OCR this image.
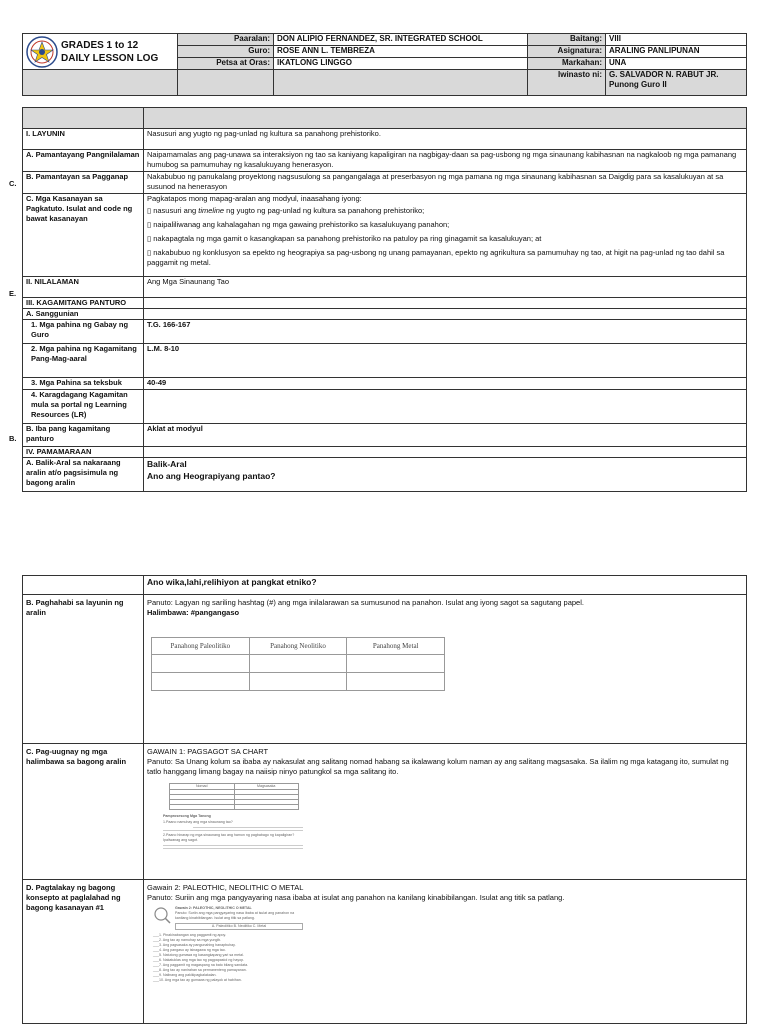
GRADES 1 to 12
DAILY LESSON LOG	Paaralan:	DON ALIPIO FERNANDEZ, SR. INTEGRATED SCHOOL	Baitang:	VIII
	Guro:	ROSE ANN L. TEMBREZA	Asignatura:	ARALING PANLIPUNAN
	Petsa at Oras:	IKATLONG LINGGO	Markahan:	UNA
			Iwinasto ni:	G. SALVADOR N. RABUT JR.
Punong Guro II
C.
E.
B.

I. LAYUNIN	Nasusuri ang yugto ng pag-unlad ng kultura sa panahong prehistoriko.
A. Pamantayang Pangnilalaman	Naipamamalas ang pag-unawa sa interaksiyon ng tao sa kaniyang kapaligiran na nagbigay-daan sa pag-usbong ng mga sinaunang kabihasnan na nagkaloob ng mga pamanang humubog sa pamumuhay ng kasalukuyang henerasyon.
B. Pamantayan sa Pagganap	Nakabubuo ng panukalang proyektong nagsusulong sa pangangalaga at preserbasyon ng mga pamana ng mga sinaunang kabihasnan sa Daigdig para sa kasalukuyan at sa susunod na henerasyon
C. Mga Kasanayan sa Pagkatuto. Isulat and code ng bawat kasanayan	Pagkatapos mong mapag-aralan ang modyul, inaasahang iyong:

▯ nasusuri ang timeline ng yugto ng pag-unlad ng kultura sa panahong prehistoriko;

▯ naipaliliwanag ang kahalagahan ng mga gawaing prehistoriko sa kasalukuyang panahon;

▯ nakapagtala ng mga gamit o kasangkapan sa panahong prehistoriko na patuloy pa ring ginagamit sa kasalukuyan; at

▯ nakabubuo ng konklusyon sa epekto ng heograpiya sa pag-usbong ng unang pamayanan, epekto ng agrikultura sa pamumuhay ng tao, at higit na pag-unlad ng tao dahil sa paggamit ng metal.

II. NILALAMAN	Ang Mga Sinaunang Tao
III. KAGAMITANG PANTURO	
A. Sanggunian	
1. Mga pahina ng Gabay ng Guro	T.G. 166-167
2. Mga pahina ng Kagamitang Pang-Mag-aaral	L.M. 8-10
3. Mga Pahina sa teksbuk	40-49
4. Karagdagang Kagamitan mula sa portal ng Learning Resources (LR)	
B. Iba pang kagamitang panturo	Aklat at modyul
IV. PAMAMARAAN	
A. Balik-Aral sa nakaraang aralin at/o pagsisimula ng bagong aralin	Balik-Aral
Ano ang Heograpiyang pantao?
	Ano wika,lahi,relihiyon at pangkat etniko?
B. Paghahabi sa layunin ng aralin	
Panuto: Lagyan ng sariling hashtag (#) ang mga inilalarawan sa sumusunod na panahon. Isulat ang iyong sagot sa sagutang papel.
Halimbawa: #pangangaso
Panahong Paleolitiko	Panahong Neolitiko	Panahong Metal

C. Pag-uugnay ng mga halimbawa sa bagong aralin	
GAWAIN 1: PAGSAGOT SA CHART
Panuto: Sa Unang kolum sa ibaba ay nakasulat ang salitang nomad habang sa ikalawang kolum naman ay ang salitang magsasaka. Sa ilalim ng mga katagang ito, sumulat ng tatlo hanggang limang bagay na naiisip ninyo patungkol sa mga salitang ito.
Nomad	Magsasaka

Pamprosesong Mga Tanong
1.Paano namuhay ang mga sinaunang tao?
2.Paano hinarap ng mga sinaunang tao ang hamon ng pagbabago ng kapaligiran? Ipaliwanag ang sagot.

D. Pagtalakay ng bagong konsepto at paglalahad ng bagong kasanayan #1	
Gawain 2: PALEOTHIC, NEOLITHIC O METAL
Panuto: Suriin ang mga pangyayaring nasa ibaba at isulat ang panahon na kanilang kinabibilangan. Isulat ang titik sa patlang.
Gawain 2: PALEOTHIC, NEOLITHIC O METAL
Panuto: Suriin ang mga pangyayaring nasa ibaba at isulat ang panahon na kanilang kinabibilangan. Isulat ang titik sa patlang.
A. Paleolitiko B. Neolitiko C. Metal
___1. Pinakinabangan ang paggamit ng apoy.
___2. Ang tao ay namuhay sa mga yungib.
___3. Ang pagsasaka ay pangunahing hanapbuhay.
___4. Ang pangaso ay isinagawa ng mga tao.
___5. Natutong gumawa ng kasangkapang yari sa metal.
___6. Nakatuklas ang mga tao ng pagpapastol ng hayop.
___7. Ang paggamit ng magaspang na bato bilang sandata.
___8. Ang tao ay nanirahan sa permanenteng pamayanan.
___9. Nalinang ang pakikipagkalakalan.
___10. Ang mga tao ay gumawa ng palayok at habihan.
